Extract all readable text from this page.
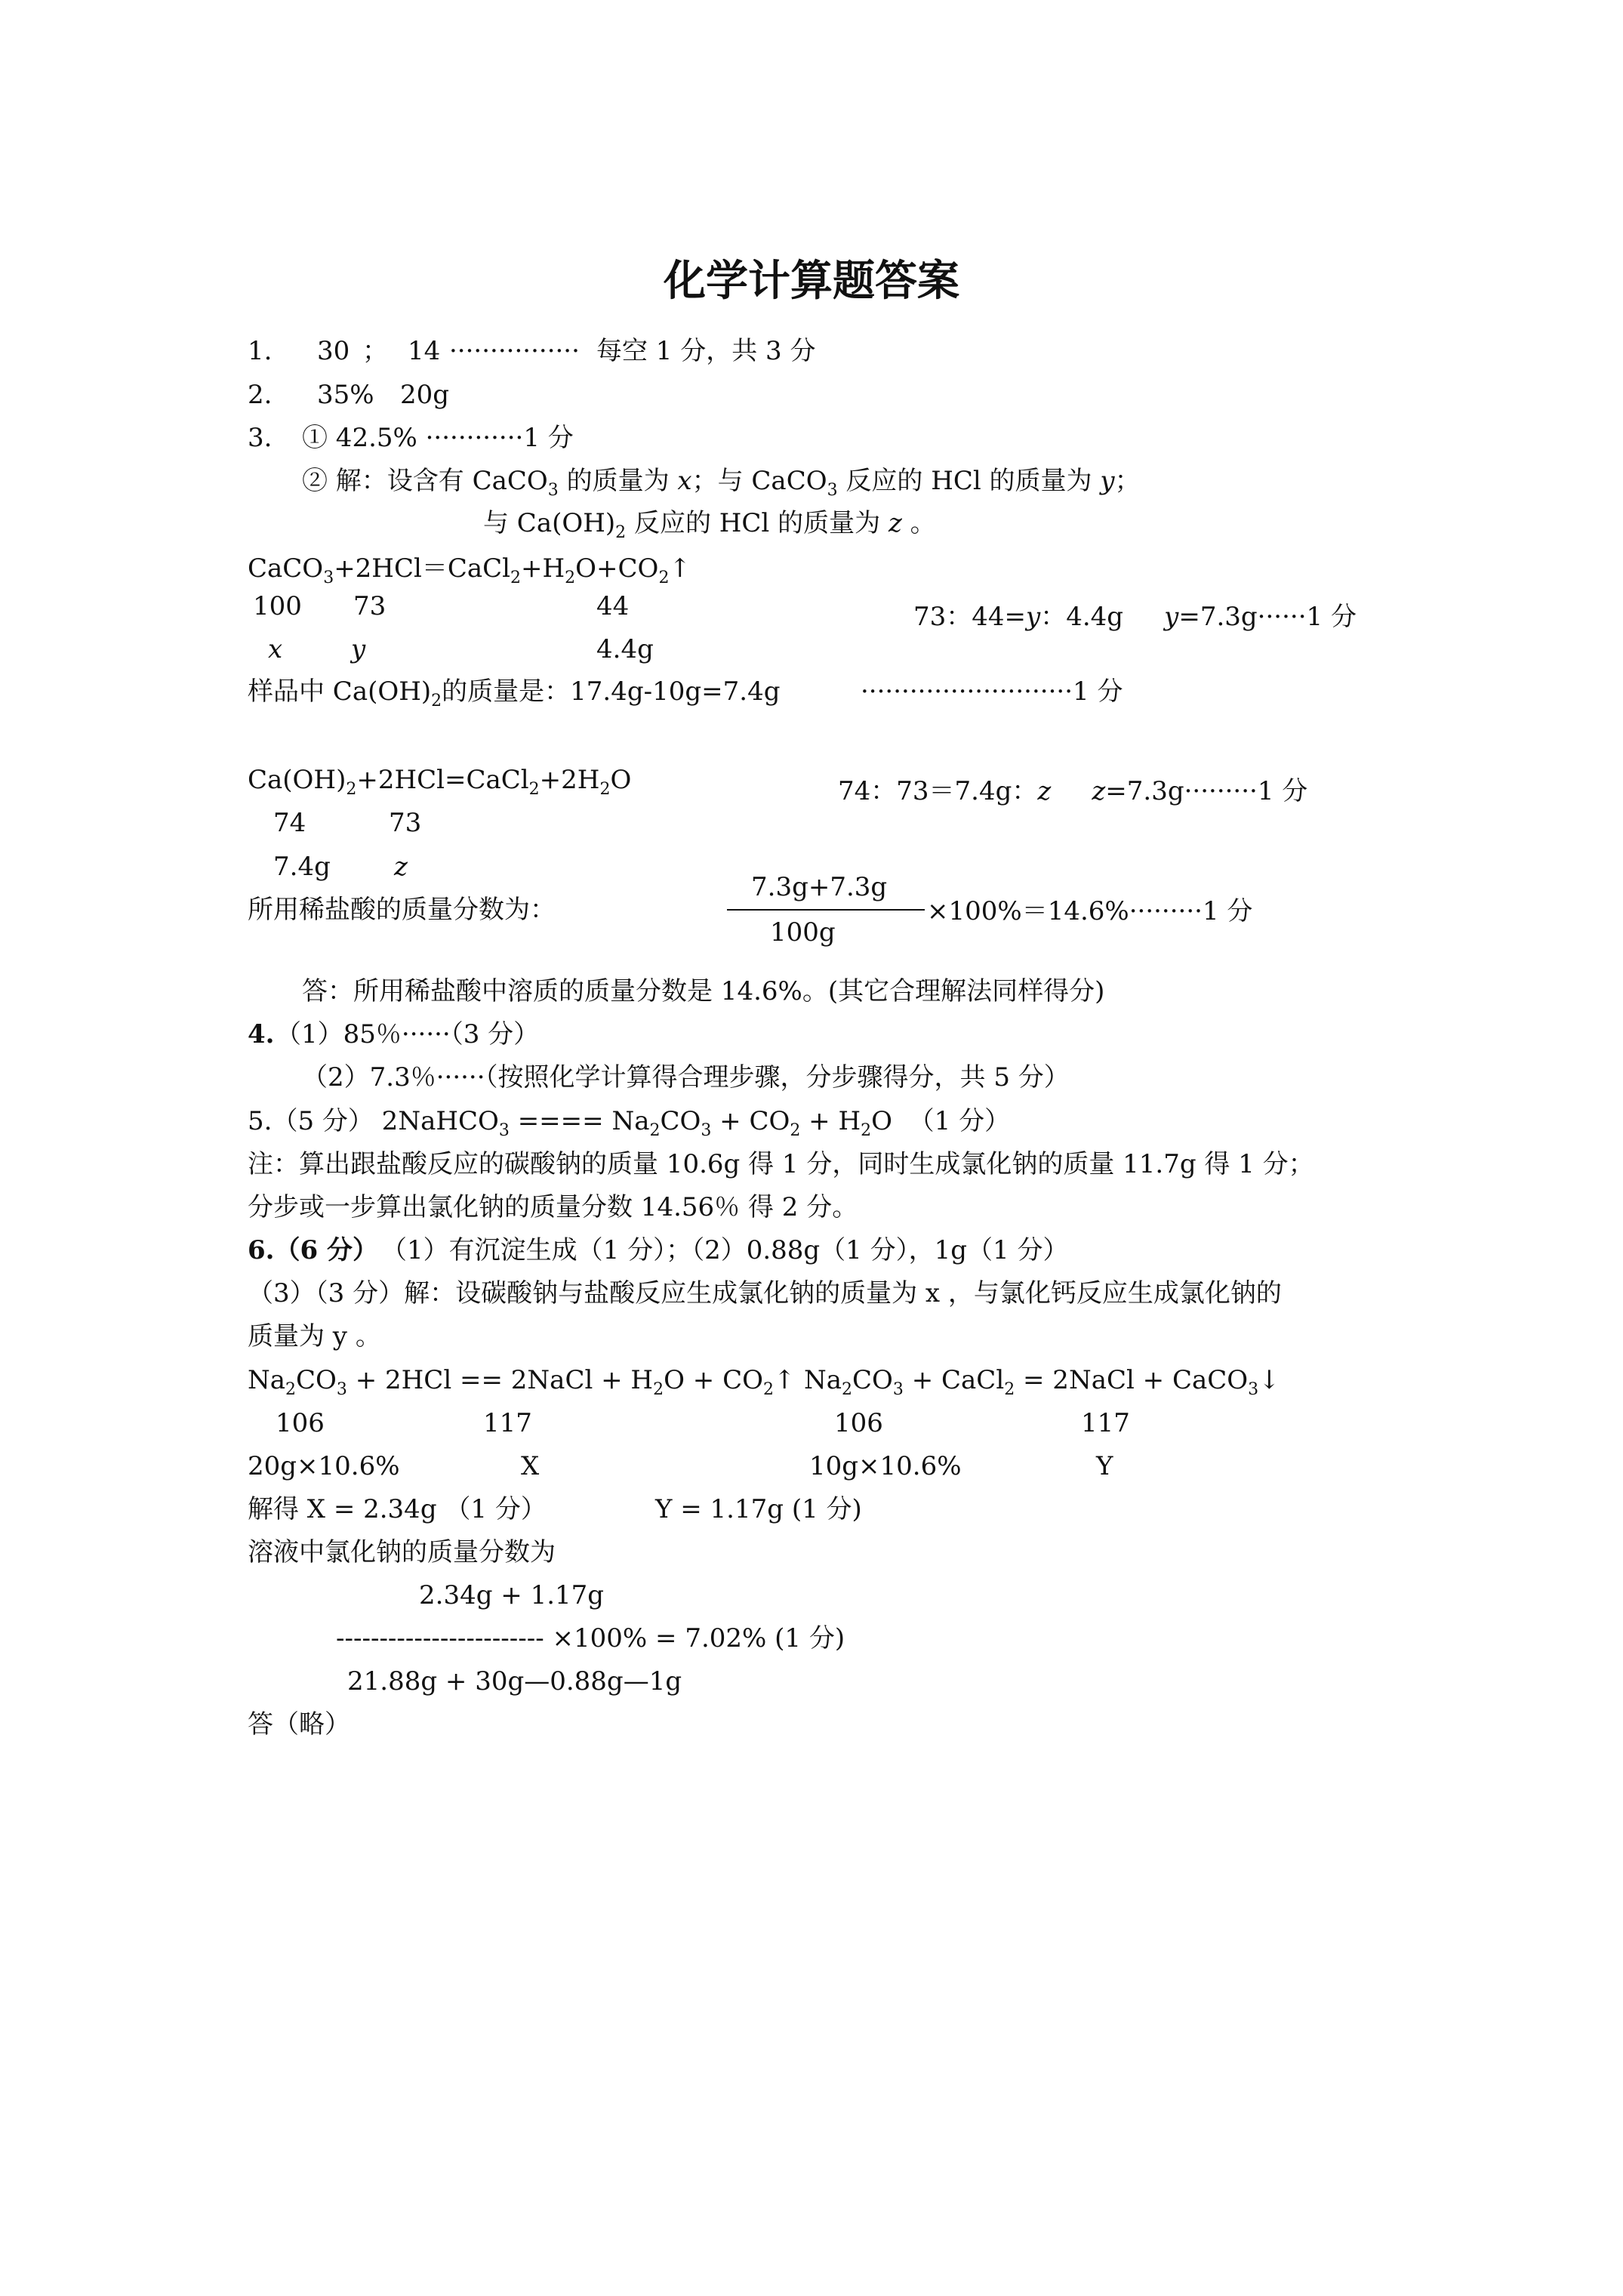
化学计算题答案
1. 30 ； 14 ················ 每空 1 分，共 3 分
2. 35% 20g
3. ① 42.5% ············1 分
② 解：设含有 CaCO$_3$ 的质量为 x；与 CaCO$_3$ 反应的 HCl 的质量为 y；
与 $Ca(OH)_2$ 反应的 HCl 的质量为 z 。
$CaCO_3+2HCl=CaCl_2+H_2O+CO_2↑$
100 73	44
x	y	4.4g
73：44=y：4.4g y=7.3g······1 分
样品中 $Ca(OH)_2$的质量是：17.4g-10g=7.4g	··························1 分
$Ca(OH)_2+2HCl=CaCl_2+2H_2O$	74：73＝7.4g：z z=7.3g·········1 分
74	73
7.4g z
所用稀盐酸的质量分数为：
7.3g+7.3g
100g
×100%＝14.6%·········1 分
答：所用稀盐酸中溶质的质量分数是 14.6%。(其它合理解法同样得分)
4. （1）85％······（3 分）
（2）7.3％······（按照化学计算得合理步骤，分步骤得分，共 5 分）
5.（5 分） 2NaHCO$_3$ ==== $Na_2CO_3 + CO_2 + H_2O$  （1 分）
注：算出跟盐酸反应的碳酸钠的质量 10.6g 得 1 分，同时生成氯化钠的质量 11.7g 得 1 分；
分步或一步算出氯化钠的质量分数 14.56％ 得 2 分。
6.（6 分） （1）有沉淀生成（1 分）；（2）0.88g（1 分），1g（1 分）
（3）（3 分）解：设碳酸钠与盐酸反应生成氯化钠的质量为 x ，与氯化钙反应生成氯化钠的
质量为 y 。
$Na_2CO_3 + 2HCl$ == 2NaCl + $H_2O$ + $CO_2↑$ $Na_2CO_3$ + CaCl$_2$ = 2NaCl + CaCO$_3$↓
106	117	106	117
20g×10.6%	X	10g×10.6%	Y
解得 X = 2.34g （1 分）	Y = 1.17g (1 分)
溶液中氯化钠的质量分数为
2.34g + 1.17g
------------------------ ×100% = 7.02% (1 分)
21.88g + 30g—0.88g—1g
答（略）
